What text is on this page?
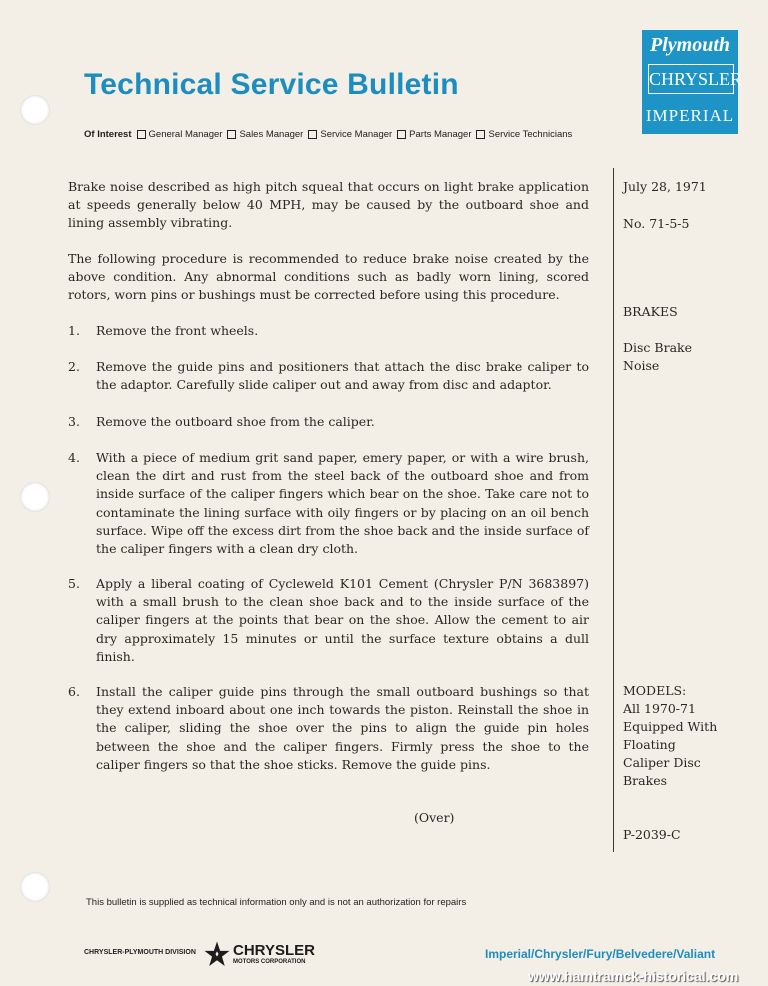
Technical Service Bulletin
Of Interest General Manager Sales Manager Service Manager Parts Manager Service Technicians
Plymouth
CHRYSLER
IMPERIAL

July 28, 1971

No. 71-5-5

BRAKES

Disc Brake

Noise

MODELS:

All 1970-71

Equipped With

Floating

Caliper Disc

Brakes

P-2039-C

Brake noise described as high pitch squeal that occurs on light brake application at speeds generally below 40 MPH, may be caused by the outboard shoe and lining assembly vibrating.

The following procedure is recommended to reduce brake noise created by the above condition. Any abnormal conditions such as badly worn lining, scored rotors, worn pins or bushings must be corrected before using this procedure.

1. Remove the front wheels.
2. Remove the guide pins and positioners that attach the disc brake caliper to the adaptor. Carefully slide caliper out and away from disc and adaptor.
3. Remove the outboard shoe from the caliper.
4. With a piece of medium grit sand paper, emery paper, or with a wire brush, clean the dirt and rust from the steel back of the outboard shoe and from inside surface of the caliper fingers which bear on the shoe. Take care not to contaminate the lining surface with oily fingers or by placing on an oil bench surface. Wipe off the excess dirt from the shoe back and the inside surface of the caliper fingers with a clean dry cloth.
5. Apply a liberal coating of Cycleweld K101 Cement (Chrysler P/N 3683897) with a small brush to the clean shoe back and to the inside surface of the caliper fingers at the points that bear on the shoe. Allow the cement to air dry approximately 15 minutes or until the surface texture obtains a dull finish.
6. Install the caliper guide pins through the small outboard bushings so that they extend inboard about one inch towards the piston. Reinstall the shoe in the caliper, sliding the shoe over the pins to align the guide pin holes between the shoe and the caliper fingers. Firmly press the shoe to the caliper fingers so that the shoe sticks. Remove the guide pins.

(Over)

This bulletin is supplied as technical information only and is not an authorization for repairs

CHRYSLER-PLYMOUTH DIVISION CHRYSLER

MOTORS CORPORATION

Imperial/Chrysler/Fury/Belvedere/Valiant

www.hamtramck-historical.com
